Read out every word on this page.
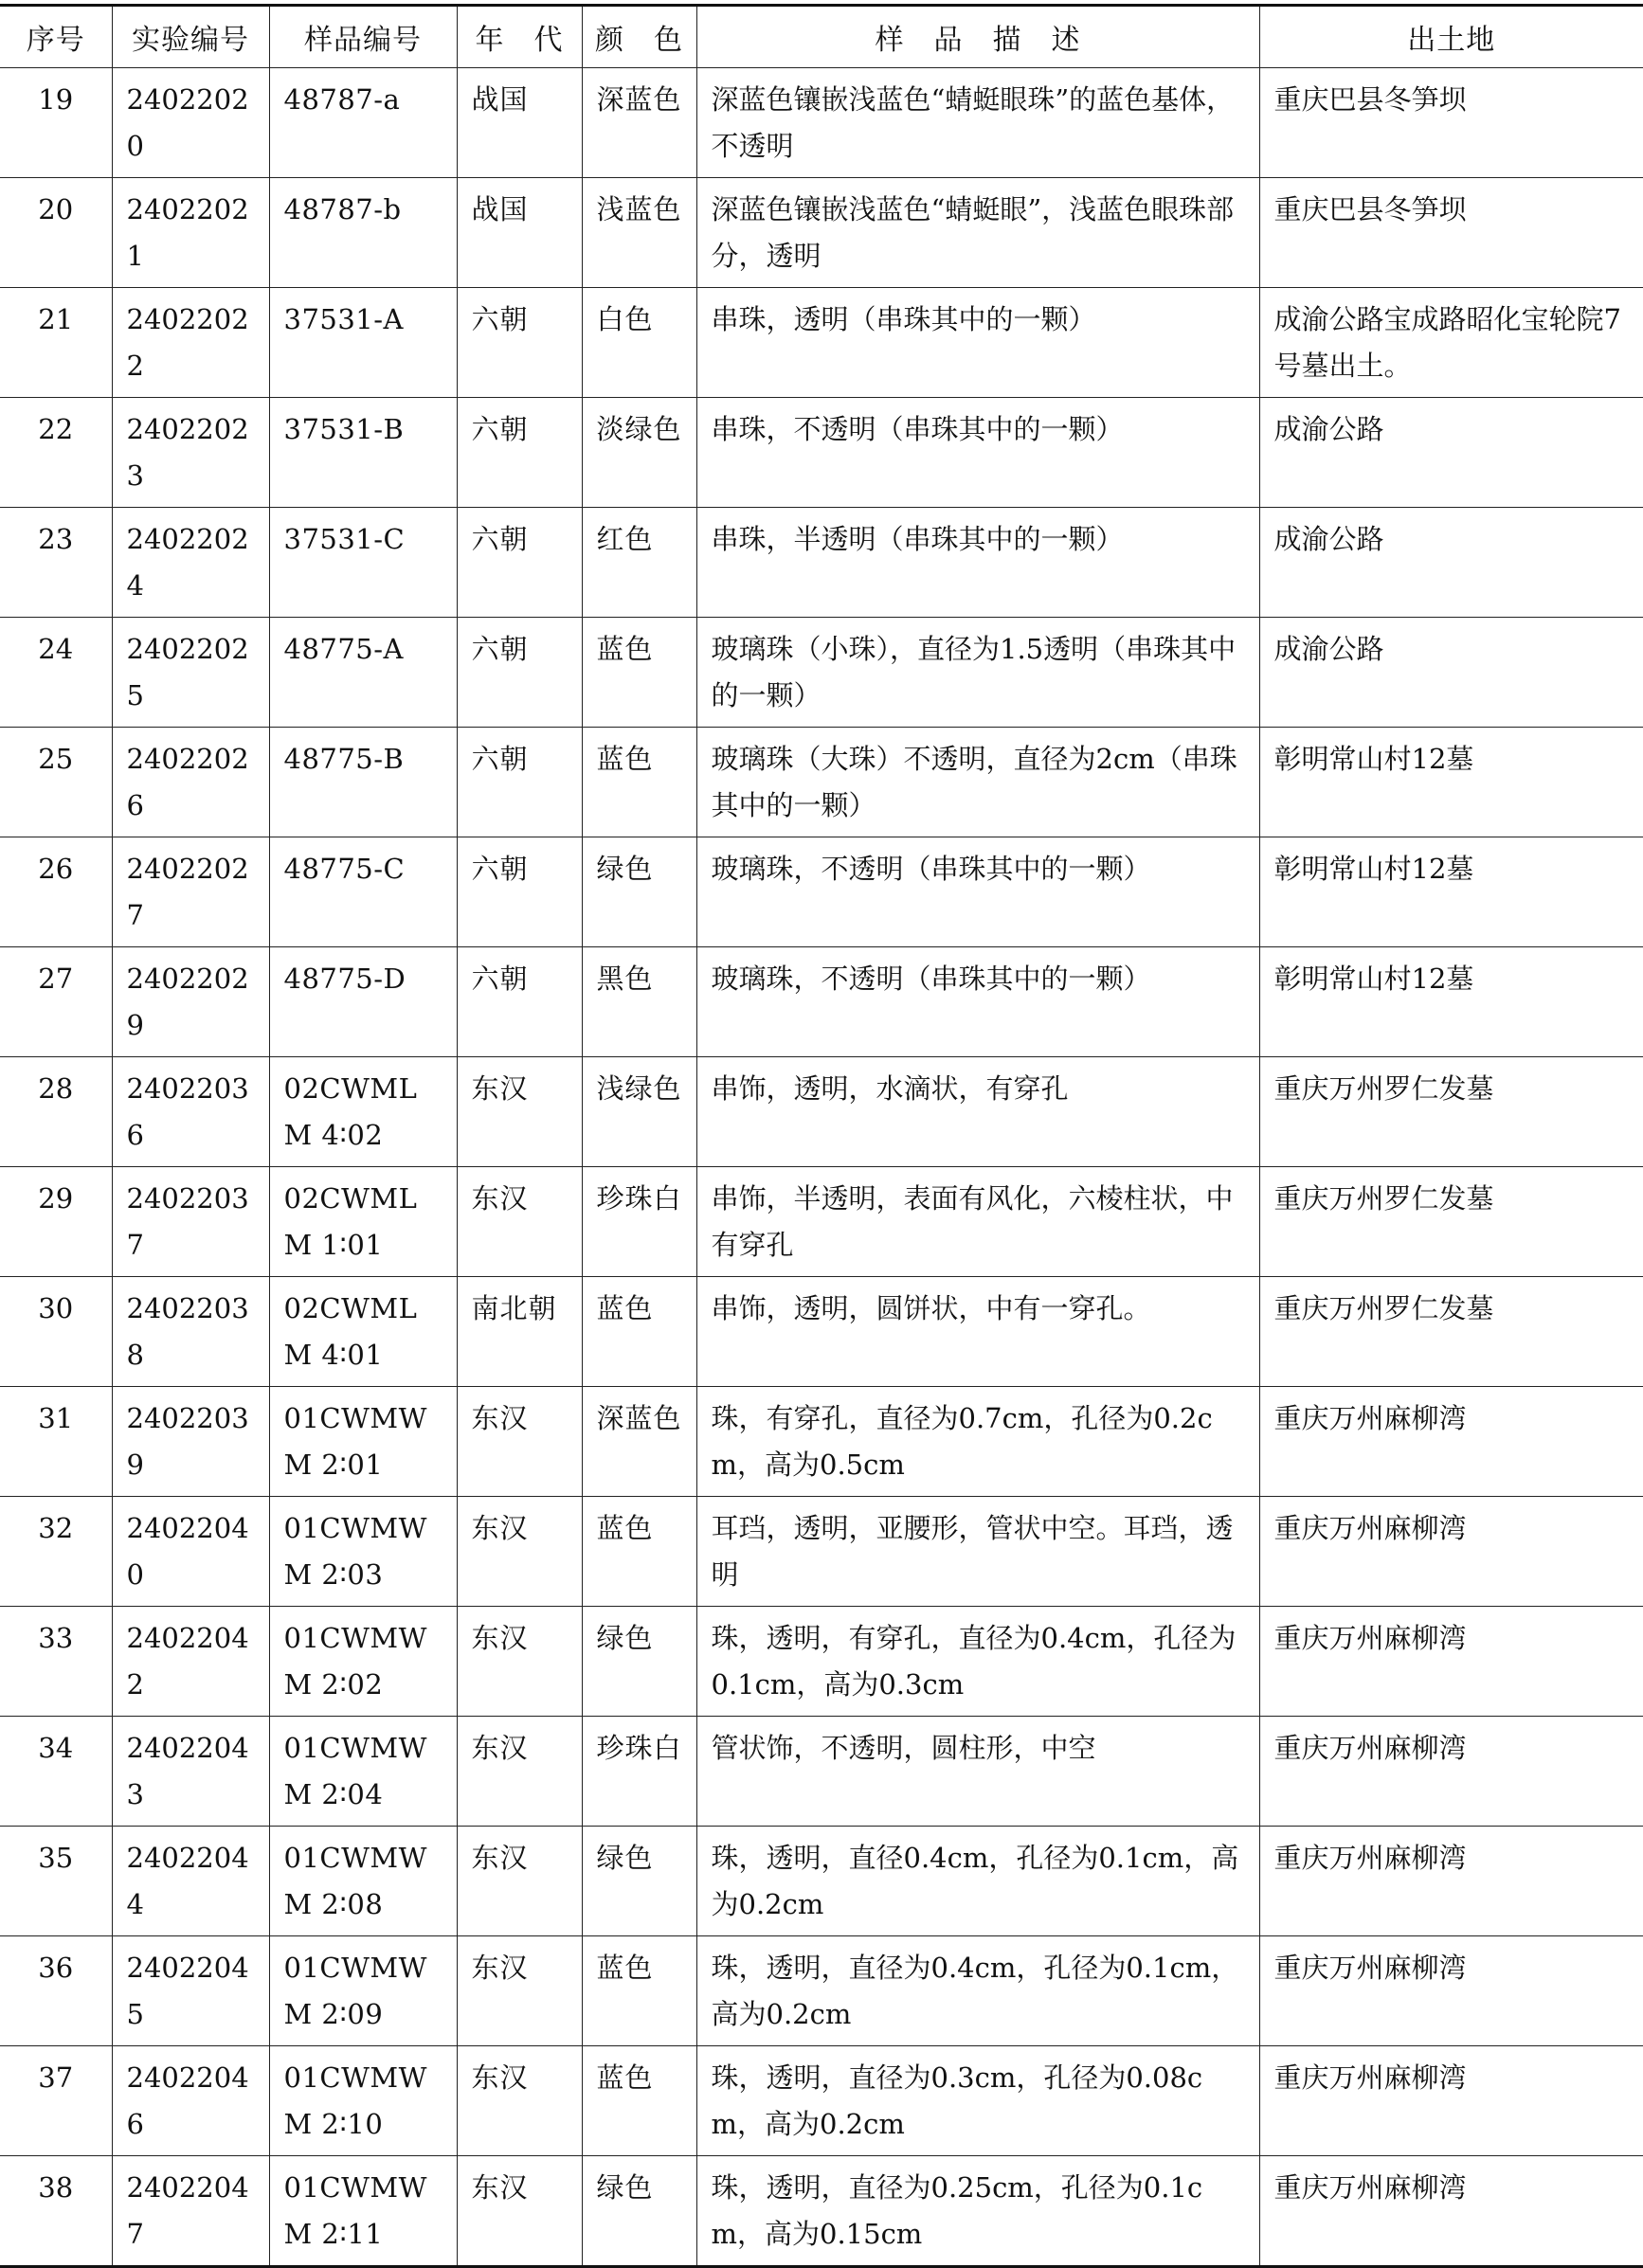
序号	实验编号	样品编号	年　代	颜　色	样　品　描　述	出土地
19	24022020	48787-a	战国	深蓝色	深蓝色镶嵌浅蓝色“蜻蜓眼珠”的蓝色基体，不透明	重庆巴县冬笋坝
20	24022021	48787-b	战国	浅蓝色	深蓝色镶嵌浅蓝色“蜻蜓眼”，浅蓝色眼珠部分，透明	重庆巴县冬笋坝
21	24022022	37531-A	六朝	白色	串珠，透明（串珠其中的一颗）	成渝公路宝成路昭化宝轮院7号墓出土。
22	24022023	37531-B	六朝	淡绿色	串珠，不透明（串珠其中的一颗）	成渝公路
23	24022024	37531-C	六朝	红色	串珠，半透明（串珠其中的一颗）	成渝公路
24	24022025	48775-A	六朝	蓝色	玻璃珠（小珠），直径为1.5透明（串珠其中的一颗）	成渝公路
25	24022026	48775-B	六朝	蓝色	玻璃珠（大珠）不透明，直径为2cm（串珠其中的一颗）	彰明常山村12墓
26	24022027	48775-C	六朝	绿色	玻璃珠，不透明（串珠其中的一颗）	彰明常山村12墓
27	24022029	48775-D	六朝	黑色	玻璃珠，不透明（串珠其中的一颗）	彰明常山村12墓
28	24022036	02CWMLM 4∶02	东汉	浅绿色	串饰，透明，水滴状，有穿孔	重庆万州罗仁发墓
29	24022037	02CWMLM 1∶01	东汉	珍珠白	串饰，半透明，表面有风化，六棱柱状，中有穿孔	重庆万州罗仁发墓
30	24022038	02CWMLM 4∶01	南北朝	蓝色	串饰，透明，圆饼状，中有一穿孔。	重庆万州罗仁发墓
31	24022039	01CWMWM 2∶01	东汉	深蓝色	珠，有穿孔，直径为0.7cm，孔径为0.2cm，高为0.5cm	重庆万州麻柳湾
32	24022040	01CWMWM 2∶03	东汉	蓝色	耳珰，透明，亚腰形，管状中空。耳珰，透明	重庆万州麻柳湾
33	24022042	01CWMWM 2∶02	东汉	绿色	珠，透明，有穿孔，直径为0.4cm，孔径为0.1cm，高为0.3cm	重庆万州麻柳湾
34	24022043	01CWMWM 2∶04	东汉	珍珠白	管状饰，不透明，圆柱形，中空	重庆万州麻柳湾
35	24022044	01CWMWM 2∶08	东汉	绿色	珠，透明，直径0.4cm，孔径为0.1cm，高为0.2cm	重庆万州麻柳湾
36	24022045	01CWMWM 2∶09	东汉	蓝色	珠，透明，直径为0.4cm，孔径为0.1cm，高为0.2cm	重庆万州麻柳湾
37	24022046	01CWMWM 2∶10	东汉	蓝色	珠，透明，直径为0.3cm，孔径为0.08cm，高为0.2cm	重庆万州麻柳湾
38	24022047	01CWMWM 2∶11	东汉	绿色	珠，透明，直径为0.25cm，孔径为0.1cm，高为0.15cm	重庆万州麻柳湾
